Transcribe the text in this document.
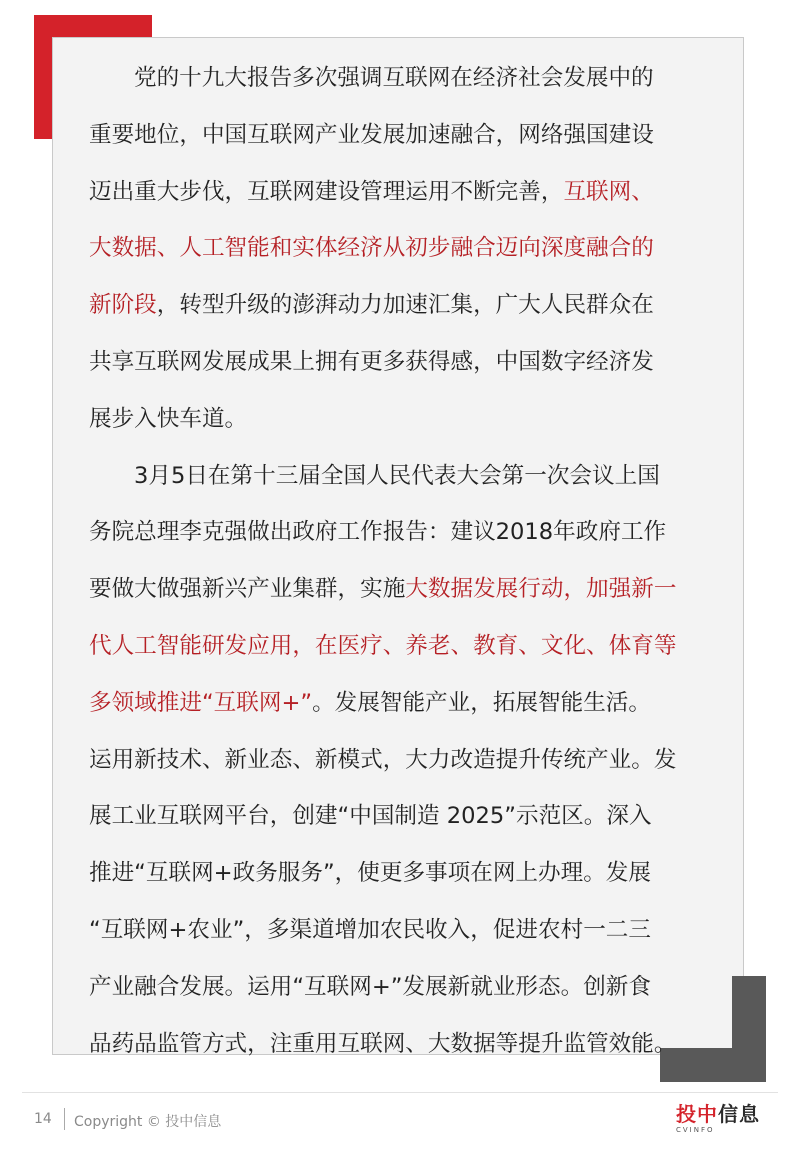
党的十九大报告多次强调互联网在经济社会发展中的
重要地位，中国互联网产业发展加速融合，网络强国建设
迈出重大步伐，互联网建设管理运用不断完善，互联网、
大数据、人工智能和实体经济从初步融合迈向深度融合的
新阶段，转型升级的澎湃动力加速汇集，广大人民群众在
共享互联网发展成果上拥有更多获得感，中国数字经济发
展步入快车道。
3月5日在第十三届全国人民代表大会第一次会议上国
务院总理李克强做出政府工作报告：建议2018年政府工作
要做大做强新兴产业集群，实施大数据发展行动，加强新一
代人工智能研发应用，在医疗、养老、教育、文化、体育等
多领域推进“互联网+”。发展智能产业，拓展智能生活。
运用新技术、新业态、新模式，大力改造提升传统产业。发
展工业互联网平台，创建“中国制造 2025”示范区。深入
推进“互联网+政务服务”，使更多事项在网上办理。发展
“互联网+农业”，多渠道增加农民收入，促进农村一二三
产业融合发展。运用“互联网+”发展新就业形态。创新食
品药品监管方式，注重用互联网、大数据等提升监管效能。
14 Copyright © 投中信息	投中信息
CVINFO
